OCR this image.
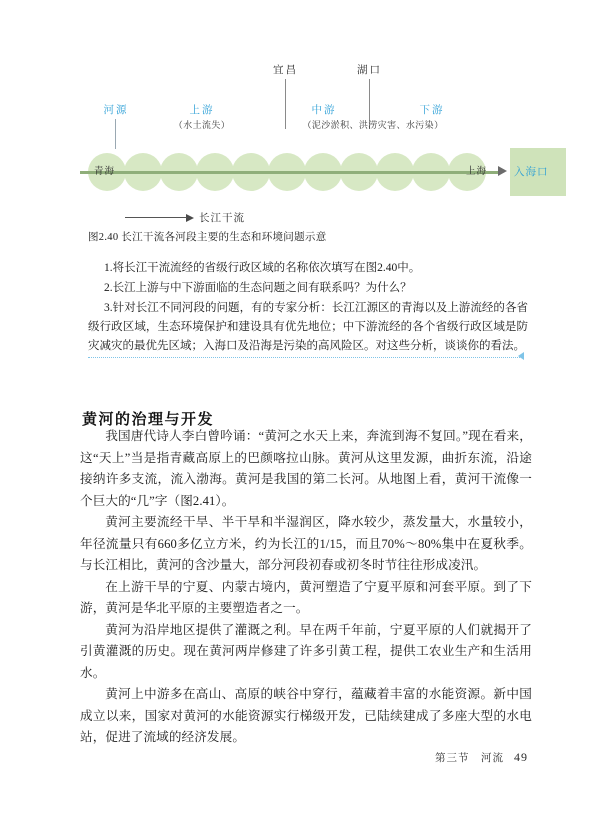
宜昌	湖口
河源	上游
（水土流失）
中游
（泥沙淤积、洪涝灾害、水污染）
下游
入海口
青海	上海
长江干流
图2.40 长江干流各河段主要的生态和环境问题示意

1.将长江干流流经的省级行政区域的名称依次填写在图2.40中。

2.长江上游与中下游面临的生态问题之间有联系吗？为什么？

3.针对长江不同河段的问题，有的专家分析：长江江源区的青海以及上游流经的各省级行政区域，生态环境保护和建设具有优先地位；中下游流经的各个省级行政区域是防灾减灾的最优先区域；入海口及沿海是污染的高风险区。对这些分析，谈谈你的看法。

黄河的治理与开发

我国唐代诗人李白曾吟诵：“黄河之水天上来，奔流到海不复回。”现在看来，这“天上”当是指青藏高原上的巴颜喀拉山脉。黄河从这里发源，曲折东流，沿途接纳许多支流，流入渤海。黄河是我国的第二长河。从地图上看，黄河干流像一个巨大的“几”字（图2.41）。

黄河主要流经干旱、半干旱和半湿润区，降水较少，蒸发量大，水量较小，年径流量只有660多亿立方米，约为长江的1/15，而且70%～80%集中在夏秋季。与长江相比，黄河的含沙量大，部分河段初春或初冬时节往往形成凌汛。

在上游干旱的宁夏、内蒙古境内，黄河塑造了宁夏平原和河套平原。到了下游，黄河是华北平原的主要塑造者之一。

黄河为沿岸地区提供了灌溉之利。早在两千年前，宁夏平原的人们就揭开了引黄灌溉的历史。现在黄河两岸修建了许多引黄工程，提供工农业生产和生活用水。

黄河上中游多在高山、高原的峡谷中穿行，蕴藏着丰富的水能资源。新中国成立以来，国家对黄河的水能资源实行梯级开发，已陆续建成了多座大型的水电站，促进了流域的经济发展。

第三节　河流 49
